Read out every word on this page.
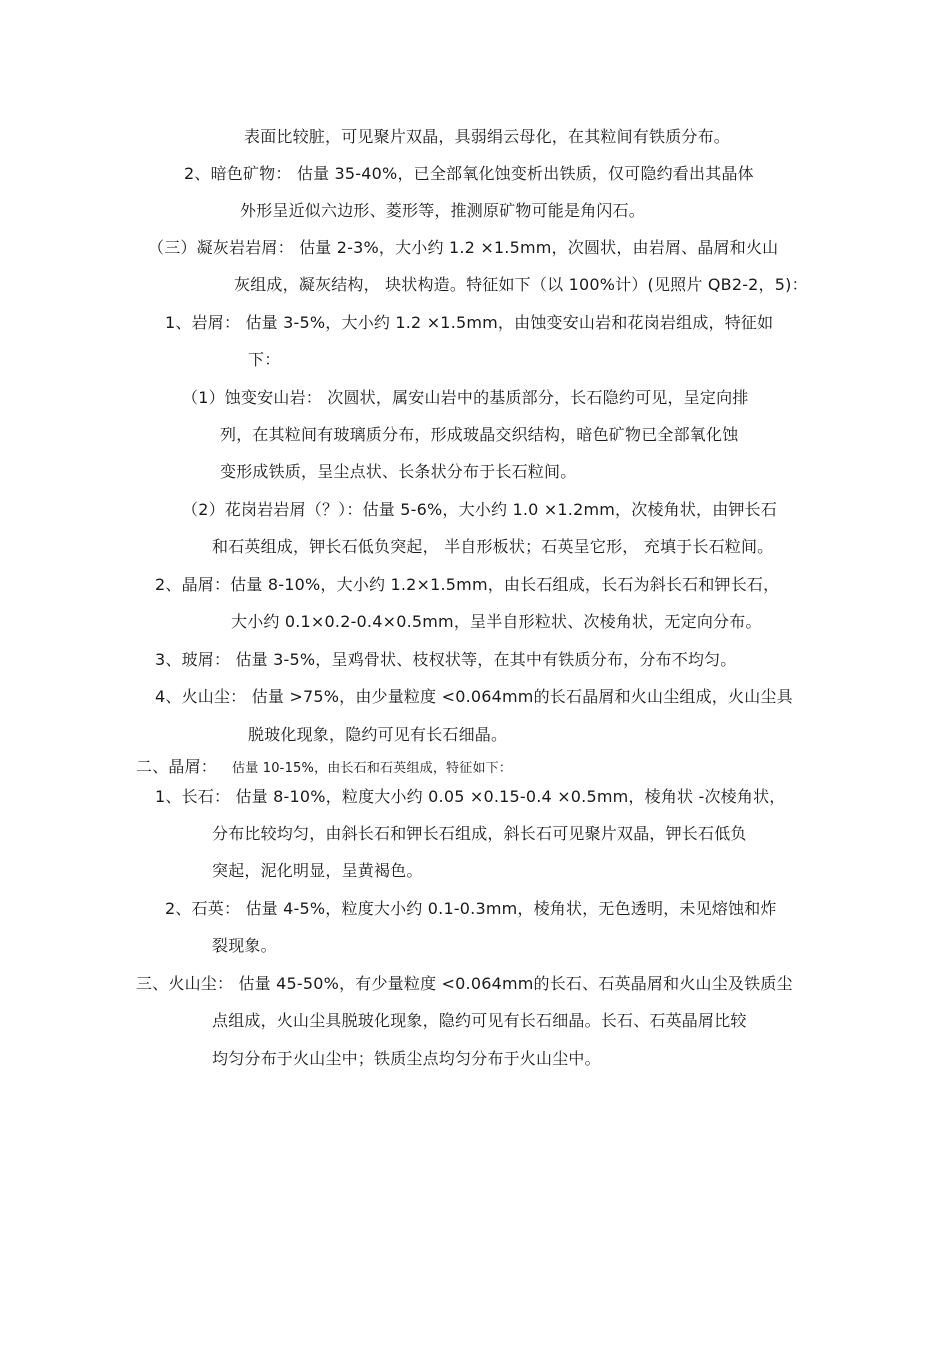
表面比较脏，可见聚片双晶，具弱绢云母化，在其粒间有铁质分布。
2、暗色矿物： 估量 35-40%，已全部氧化蚀变析出铁质，仅可隐约看出其晶体
外形呈近似六边形、菱形等，推测原矿物可能是角闪石。
（三）凝灰岩岩屑： 估量 2-3%，大小约 1.2 ×1.5mm，次圆状，由岩屑、晶屑和火山
灰组成，凝灰结构， 块状构造。特征如下（以 100%计）(见照片 QB2-2，5)：
1、岩屑： 估量 3-5%，大小约 1.2 ×1.5mm，由蚀变安山岩和花岗岩组成，特征如
下：
（1）蚀变安山岩： 次圆状，属安山岩中的基质部分，长石隐约可见，呈定向排
列，在其粒间有玻璃质分布，形成玻晶交织结构，暗色矿物已全部氧化蚀
变形成铁质，呈尘点状、长条状分布于长石粒间。
（2）花岗岩岩屑（？）：估量 5-6%，大小约 1.0 ×1.2mm，次棱角状，由钾长石
和石英组成，钾长石低负突起， 半自形板状；石英呈它形， 充填于长石粒间。
2、晶屑：估量 8-10%，大小约 1.2×1.5mm，由长石组成，长石为斜长石和钾长石，
大小约 0.1×0.2-0.4×0.5mm，呈半自形粒状、次棱角状，无定向分布。
3、玻屑： 估量 3-5%，呈鸡骨状、枝杈状等，在其中有铁质分布，分布不均匀。
4、火山尘： 估量 >75%，由少量粒度 <0.064mm的长石晶屑和火山尘组成，火山尘具
脱玻化现象，隐约可见有长石细晶。
二、晶屑： 估量 10-15%，由长石和石英组成，特征如下：
1、长石： 估量 8-10%，粒度大小约 0.05 ×0.15-0.4 ×0.5mm，棱角状 -次棱角状，
分布比较均匀，由斜长石和钾长石组成，斜长石可见聚片双晶，钾长石低负
突起，泥化明显，呈黄褐色。
2、石英： 估量 4-5%，粒度大小约 0.1-0.3mm，棱角状，无色透明，未见熔蚀和炸
裂现象。
三、火山尘： 估量 45-50%，有少量粒度 <0.064mm的长石、石英晶屑和火山尘及铁质尘
点组成，火山尘具脱玻化现象，隐约可见有长石细晶。长石、石英晶屑比较
均匀分布于火山尘中；铁质尘点均匀分布于火山尘中。
